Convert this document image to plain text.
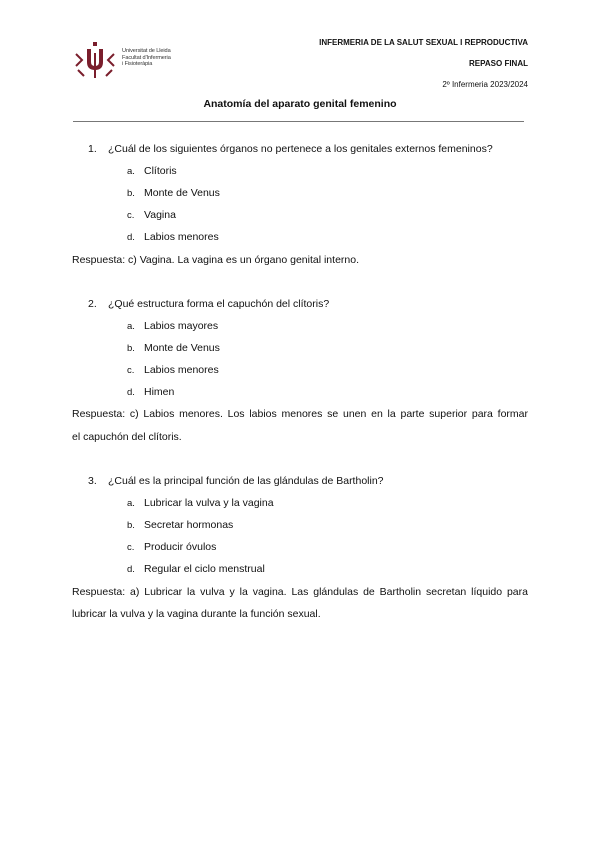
Universitat de Lleida
Facultat d'Infermeria
i Fisioteràpia
INFERMERIA DE LA SALUT SEXUAL I REPRODUCTIVA
REPASO FINAL
2º Infermeria 2023/2024
Anatomía del aparato genital femenino
1. ¿Cuál de los siguientes órganos no pertenece a los genitales externos femeninos?
a. Clítoris
b. Monte de Venus
c. Vagina
d. Labios menores
Respuesta: c) Vagina. La vagina es un órgano genital interno.
2. ¿Qué estructura forma el capuchón del clítoris?
a. Labios mayores
b. Monte de Venus
c. Labios menores
d. Himen
Respuesta: c) Labios menores. Los labios menores se unen en la parte superior para formar
el capuchón del clítoris.
3. ¿Cuál es la principal función de las glándulas de Bartholin?
a. Lubricar la vulva y la vagina
b. Secretar hormonas
c. Producir óvulos
d. Regular el ciclo menstrual
Respuesta: a) Lubricar la vulva y la vagina. Las glándulas de Bartholin secretan líquido para
lubricar la vulva y la vagina durante la función sexual.
